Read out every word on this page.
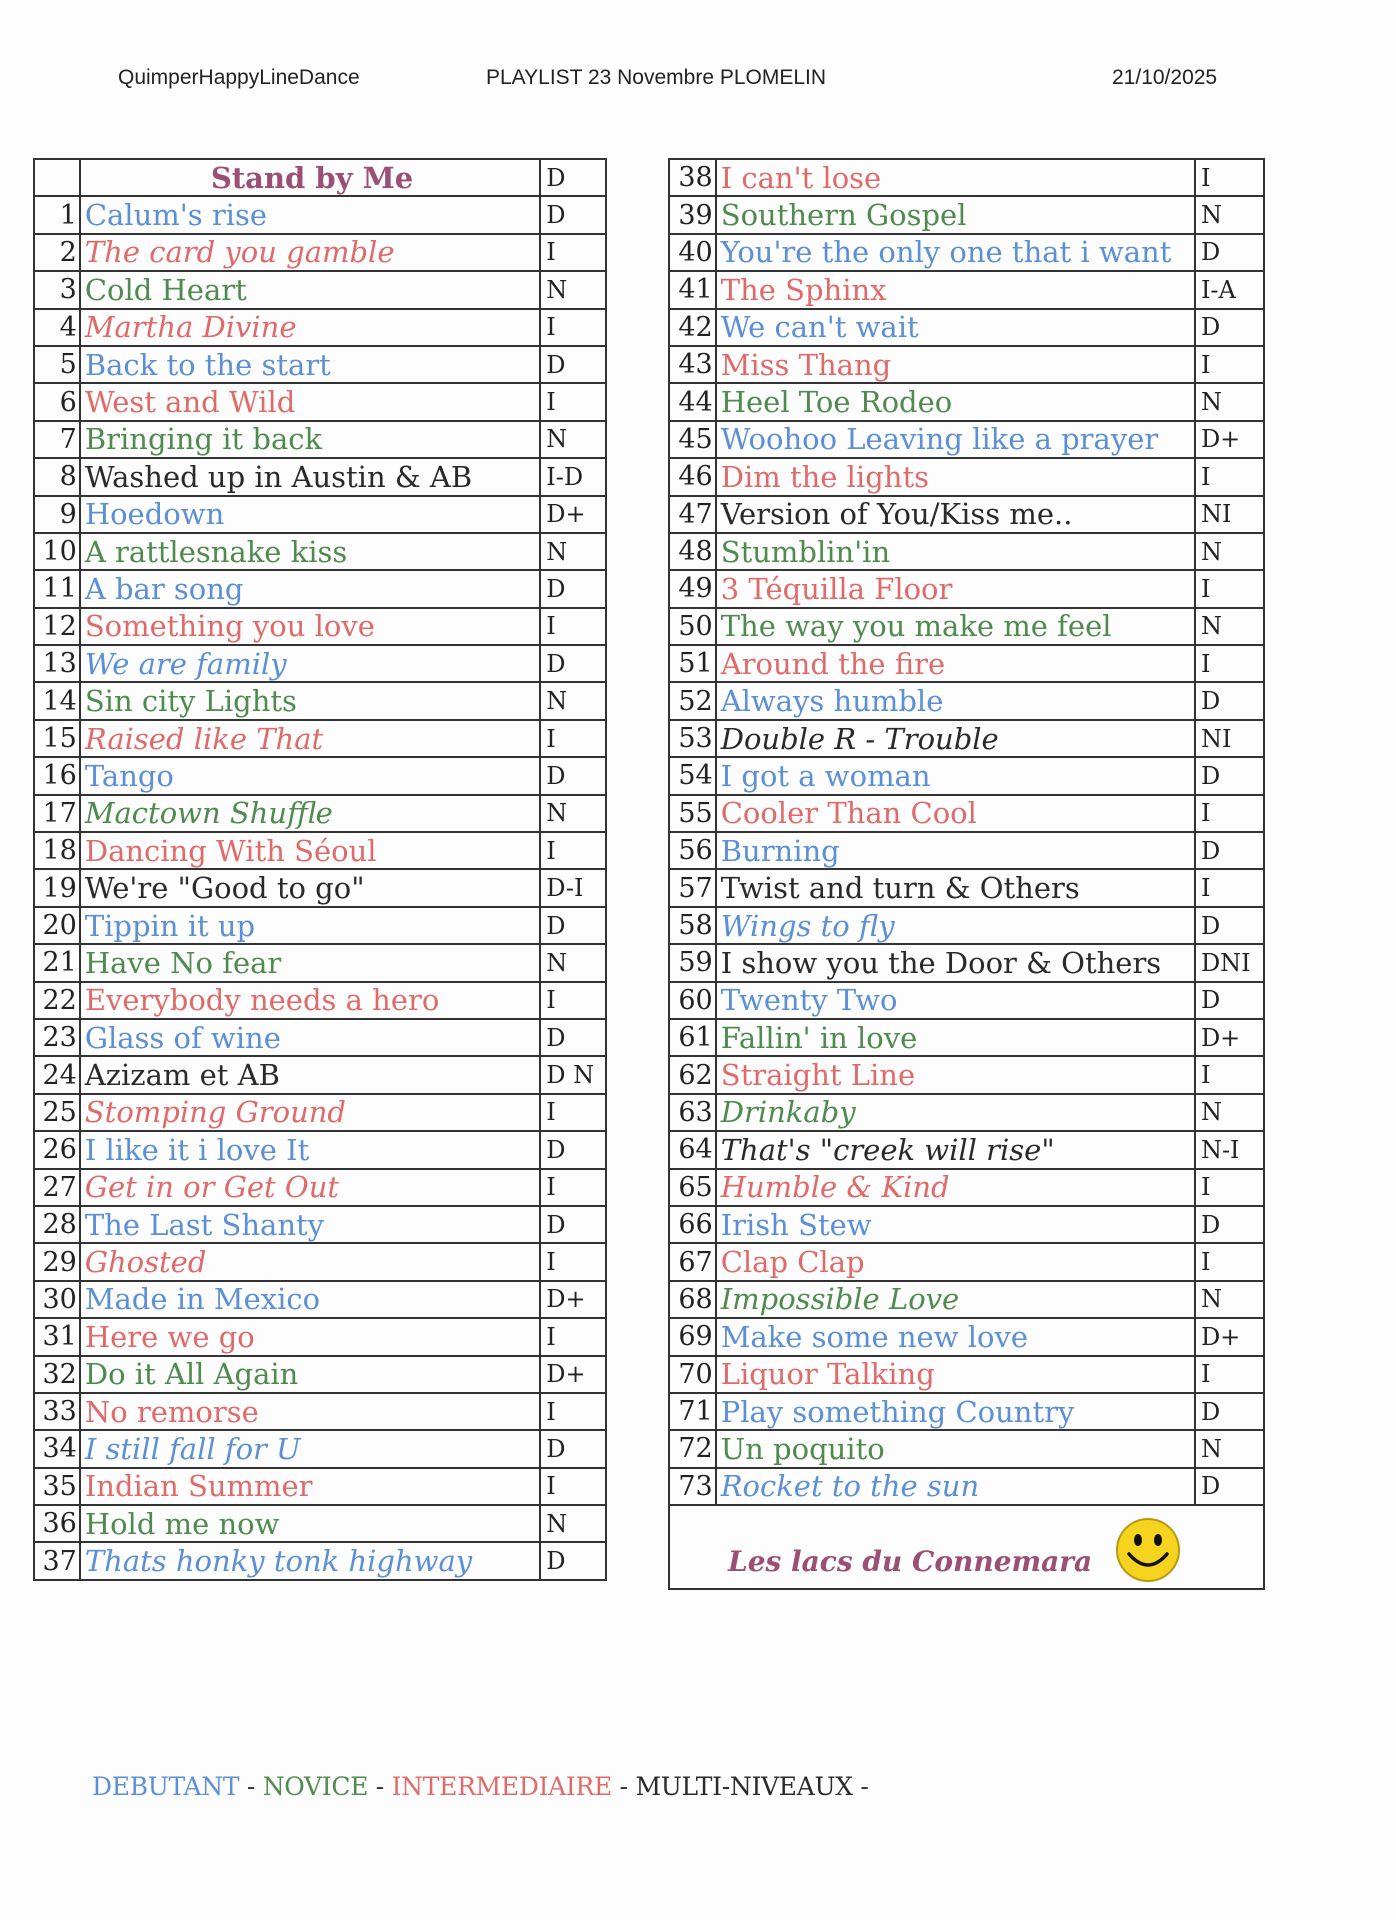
QuimperHappyLineDance	PLAYLIST 23 Novembre PLOMELIN	21/10/2025
	Stand by Me	D
1	Calum's rise	D
2	The card you gamble	I
3	Cold Heart	N
4	Martha Divine	I
5	Back to the start	D
6	West and Wild	I
7	Bringing it back	N
8	Washed up in Austin & AB	I-D
9	Hoedown	D+
10	A rattlesnake kiss	N
11	A bar song	D
12	Something you love	I
13	We are family	D
14	Sin city Lights	N
15	Raised like That	I
16	Tango	D
17	Mactown Shuffle	N
18	Dancing With Séoul	I
19	We're "Good to go"	D-I
20	Tippin it up	D
21	Have No fear	N
22	Everybody needs a hero	I
23	Glass of wine	D
24	Azizam et AB	D N
25	Stomping Ground	I
26	I like it i love It	D
27	Get in or Get Out	I
28	The Last Shanty	D
29	Ghosted	I
30	Made in Mexico	D+
31	Here we go	I
32	Do it All Again	D+
33	No remorse	I
34	I still fall for U	D
35	Indian Summer	I
36	Hold me now	N
37	Thats honky tonk highway	D
38	I can't lose	I
39	Southern Gospel	N
40	You're the only one that i want	D
41	The Sphinx	I-A
42	We can't wait	D
43	Miss Thang	I
44	Heel Toe Rodeo	N
45	Woohoo Leaving like a prayer	D+
46	Dim the lights	I
47	Version of You/Kiss me..	NI
48	Stumblin'in	N
49	3 Téquilla Floor	I
50	The way you make me feel	N
51	Around the fire	I
52	Always humble	D
53	Double R - Trouble	NI
54	I got a woman	D
55	Cooler Than Cool	I
56	Burning	D
57	Twist and turn & Others	I
58	Wings to fly	D
59	I show you the Door & Others	DNI
60	Twenty Two	D
61	Fallin' in love	D+
62	Straight Line	I
63	Drinkaby	N
64	That's "creek will rise"	N-I
65	Humble & Kind	I
66	Irish Stew	D
67	Clap Clap	I
68	Impossible Love	N
69	Make some new love	D+
70	Liquor Talking	I
71	Play something Country	D
72	Un poquito	N
73	Rocket to the sun	D

Les lacs du Connemara		
DEBUTANT - NOVICE - INTERMEDIAIRE - MULTI-NIVEAUX -
